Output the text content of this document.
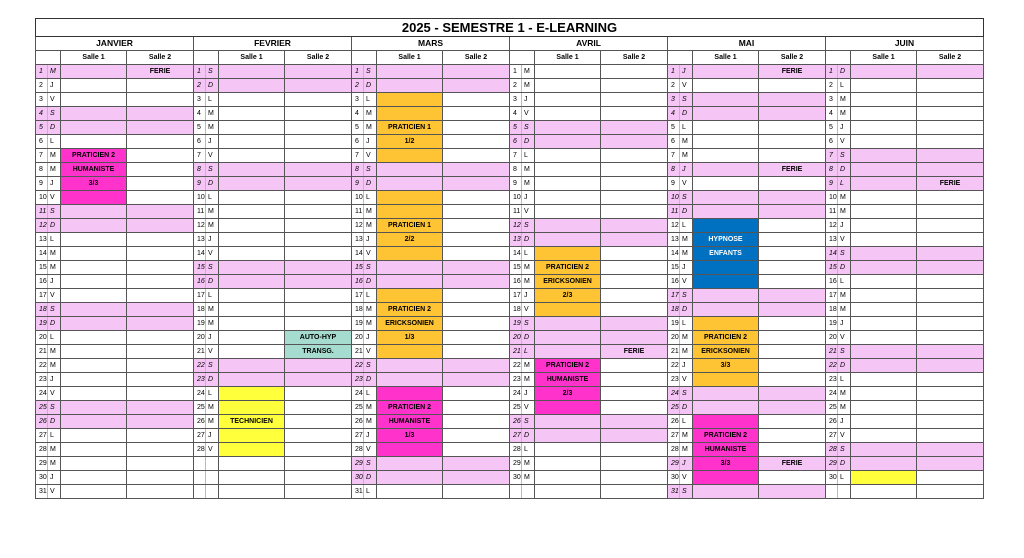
2025 - SEMESTRE 1 - E-LEARNING																							
JANVIER				FEVRIER				MARS				AVRIL				MAI				JUIN			
		Salle 1	Salle 2			Salle 1	Salle 2			Salle 1	Salle 2			Salle 1	Salle 2			Salle 1	Salle 2			Salle 1	Salle 2
1	M		FERIE	1	S			1	S			1	M			1	J		FERIE	1	D		
2	J			2	D			2	D			2	M			2	V			2	L		
3	V			3	L			3	L			3	J			3	S			3	M		
4	S			4	M			4	M			4	V			4	D			4	M		
5	D			5	M			5	M	PRATICIEN 1		5	S			5	L			5	J		
6	L			6	J			6	J	1/2		6	D			6	M			6	V		
7	M	PRATICIEN 2		7	V			7	V			7	L			7	M			7	S		
8	M	HUMANISTE		8	S			8	S			8	M			8	J		FERIE	8	D		
9	J	3/3		9	D			9	D			9	M			9	V			9	L		FERIE
10	V			10	L			10	L			10	J			10	S			10	M		
11	S			11	M			11	M			11	V			11	D			11	M		
12	D			12	M			12	M	PRATICIEN 1		12	S			12	L			12	J		
13	L			13	J			13	J	2/2		13	D			13	M	HYPNOSE		13	V		
14	M			14	V			14	V			14	L			14	M	ENFANTS		14	S		
15	M			15	S			15	S			15	M	PRATICIEN 2		15	J			15	D		
16	J			16	D			16	D			16	M	ERICKSONIEN		16	V			16	L		
17	V			17	L			17	L			17	J	2/3		17	S			17	M		
18	S			18	M			18	M	PRATICIEN 2		18	V			18	D			18	M		
19	D			19	M			19	M	ERICKSONIEN		19	S			19	L			19	J		
20	L			20	J		AUTO-HYP	20	J	1/3		20	D			20	M	PRATICIEN 2		20	V		
21	M			21	V		TRANSG.	21	V			21	L		FERIE	21	M	ERICKSONIEN		21	S		
22	M			22	S			22	S			22	M	PRATICIEN 2		22	J	3/3		22	D		
23	J			23	D			23	D			23	M	HUMANISTE		23	V			23	L		
24	V			24	L			24	L			24	J	2/3		24	S			24	M		
25	S			25	M			25	M	PRATICIEN 2		25	V			25	D			25	M		
26	D			26	M	TECHNICIEN		26	M	HUMANISTE		26	S			26	L			26	J		
27	L			27	J			27	J	1/3		27	D			27	M	PRATICIEN 2		27	V		
28	M			28	V			28	V			28	L			28	M	HUMANISTE		28	S		
29	M							29	S			29	M			29	J	3/3	FERIE	29	D		
30	J							30	D			30	M			30	V			30	L		
31	V							31	L							31	S						
